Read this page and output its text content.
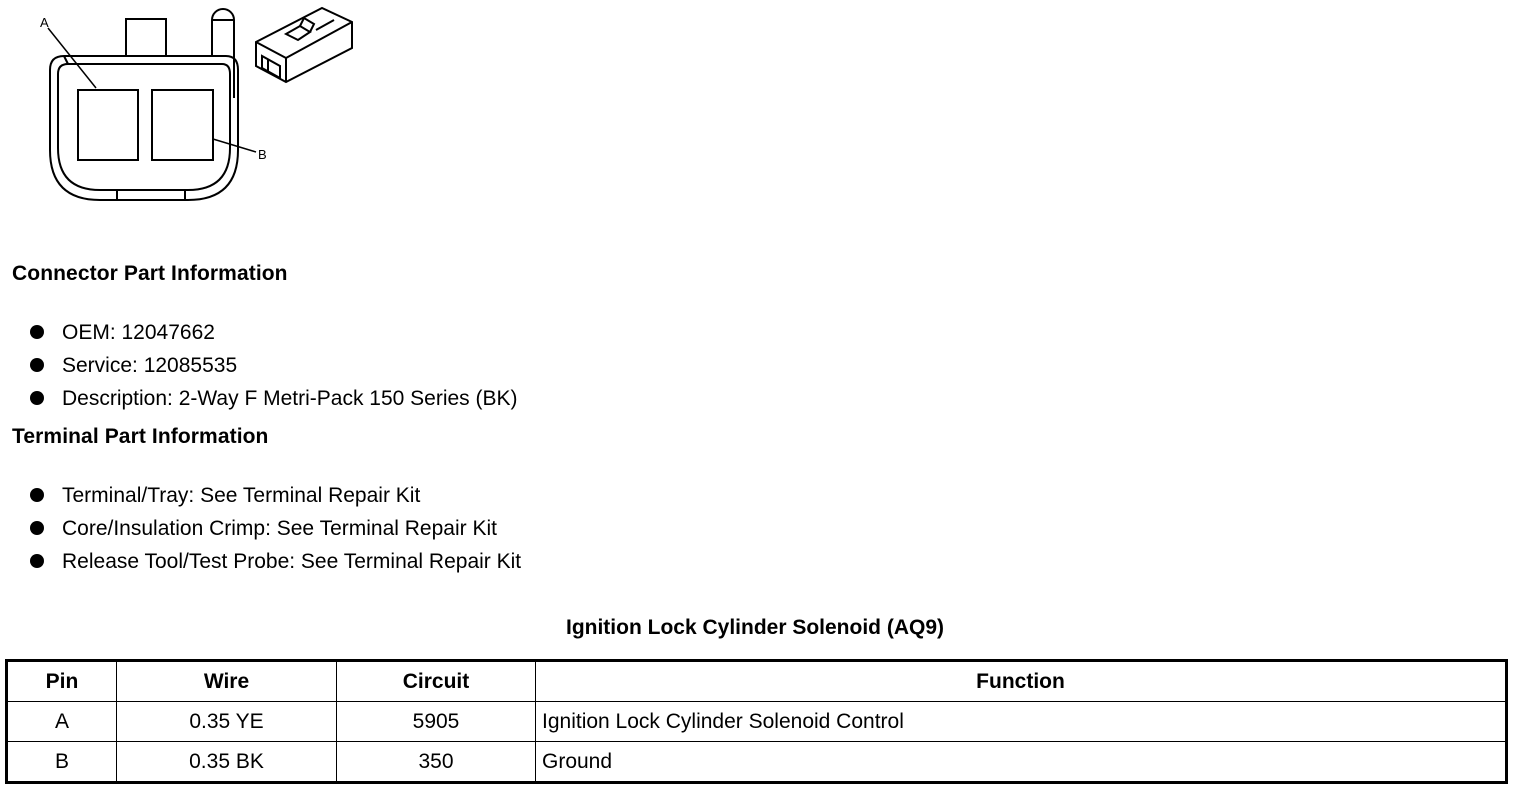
A
B
Connector Part Information
OEM: 12047662
Service: 12085535
Description: 2-Way F Metri-Pack 150 Series (BK)
Terminal Part Information
Terminal/Tray: See Terminal Repair Kit
Core/Insulation Crimp: See Terminal Repair Kit
Release Tool/Test Probe: See Terminal Repair Kit
Ignition Lock Cylinder Solenoid (AQ9)
Pin	Wire	Circuit	Function
A	0.35 YE	5905	Ignition Lock Cylinder Solenoid Control
B	0.35 BK	350	Ground
